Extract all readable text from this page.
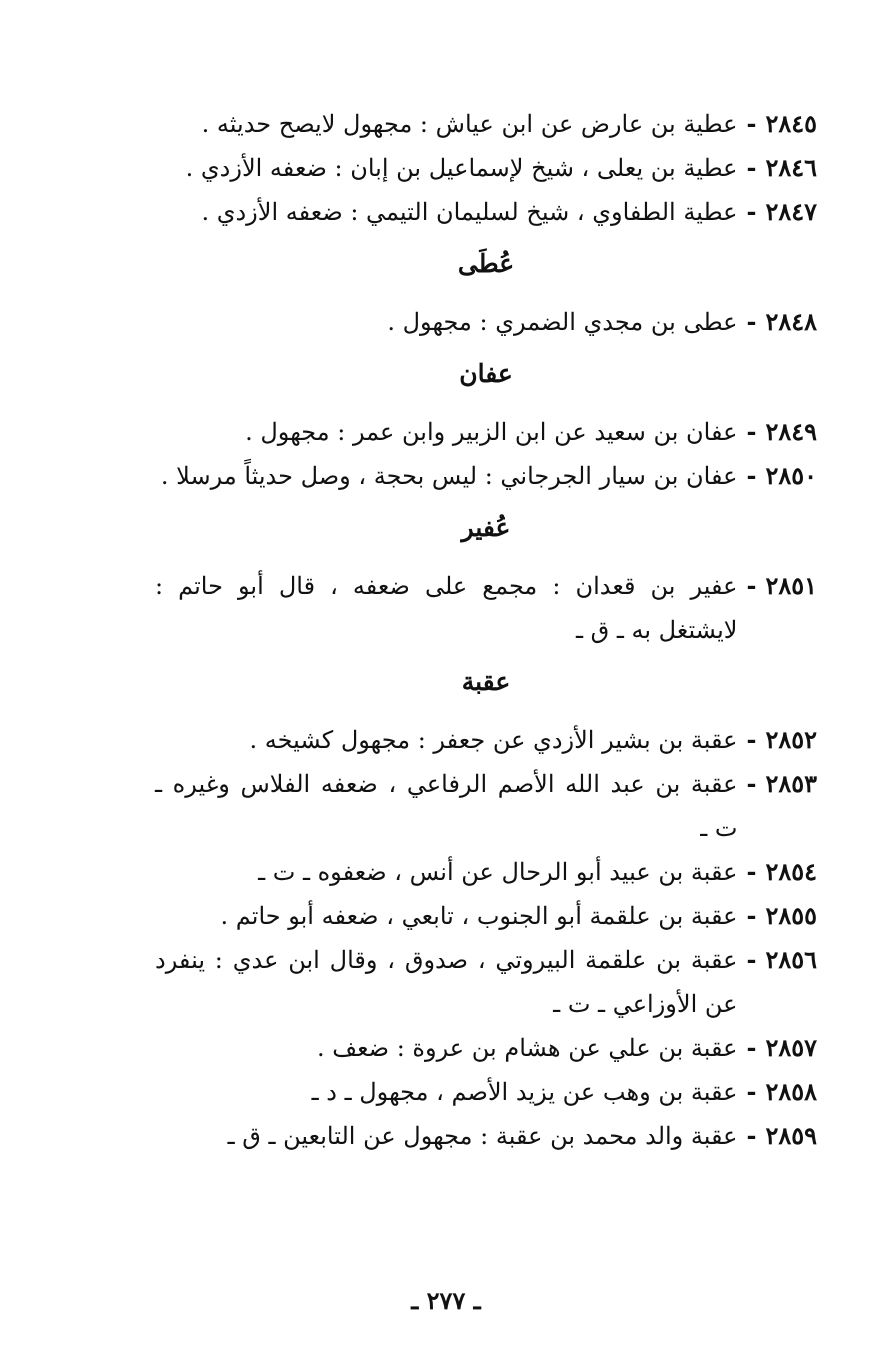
٢٨٤٥
-
عطية بن عارض عن ابن عياش : مجهول لايصح حديثه .
٢٨٤٦
-
عطية بن يعلى ، شيخ لإسماعيل بن إبان : ضعفه الأزدي .
٢٨٤٧
-
عطية الطفاوي ، شيخ لسليمان التيمي : ضعفه الأزدي .
عُطَى
٢٨٤٨
-
عطى بن مجدي الضمري : مجهول .
عفان
٢٨٤٩
-
عفان بن سعيد عن ابن الزبير وابن عمر : مجهول .
٢٨٥٠
-
عفان بن سيار الجرجاني : ليس بحجة ، وصل حديثاً مرسلا .
عُفير
٢٨٥١
-
عفير بن قعدان : مجمع على ضعفه ، قال أبو حاتم : لايشتغل به ـ ق ـ
عقبة
٢٨٥٢
-
عقبة بن بشير الأزدي عن جعفر : مجهول كشيخه .
٢٨٥٣
-
عقبة بن عبد الله الأصم الرفاعي ، ضعفه الفلاس وغيره ـ ت ـ
٢٨٥٤
-
عقبة بن عبيد أبو الرحال عن أنس ، ضعفوه ـ ت ـ
٢٨٥٥
-
عقبة بن علقمة أبو الجنوب ، تابعي ، ضعفه أبو حاتم .
٢٨٥٦
-
عقبة بن علقمة البيروتي ، صدوق ، وقال ابن عدي : ينفرد عن الأوزاعي ـ ت ـ
٢٨٥٧
-
عقبة بن علي عن هشام بن عروة : ضعف .
٢٨٥٨
-
عقبة بن وهب عن يزيد الأصم ، مجهول ـ د ـ
٢٨٥٩
-
عقبة والد محمد بن عقبة : مجهول عن التابعين ـ ق ـ
ـ ٢٧٧ ـ
